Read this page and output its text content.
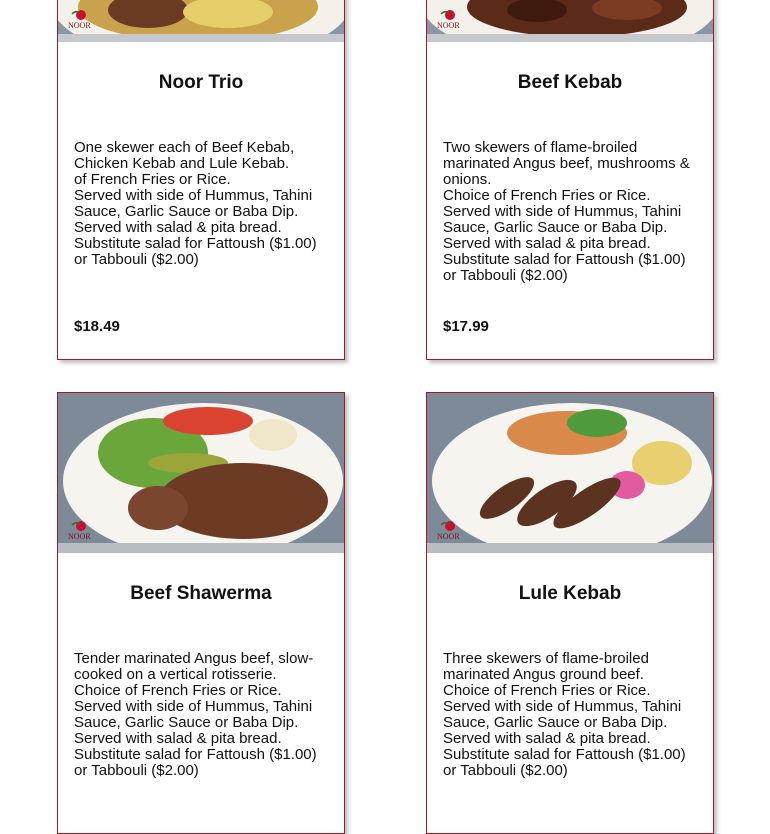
NOOR
Noor Trio
One skewer each of Beef Kebab, Chicken Kebab and Lule Kebab.
of French Fries or Rice.
Served with side of Hummus, Tahini Sauce, Garlic Sauce or Baba Dip.
Served with salad & pita bread.
Substitute salad for Fattoush ($1.00) or Tabbouli ($2.00)
$18.49
NOOR
Beef Kebab
Two skewers of flame-broiled marinated Angus beef, mushrooms & onions.
Choice of French Fries or Rice.
Served with side of Hummus, Tahini Sauce, Garlic Sauce or Baba Dip.
Served with salad & pita bread.
Substitute salad for Fattoush ($1.00) or Tabbouli ($2.00)
$17.99
NOOR
Beef Shawerma
Tender marinated Angus beef, slow-cooked on a vertical rotisserie.
Choice of French Fries or Rice.
Served with side of Hummus, Tahini Sauce, Garlic Sauce or Baba Dip.
Served with salad & pita bread.
Substitute salad for Fattoush ($1.00) or Tabbouli ($2.00)
NOOR
Lule Kebab
Three skewers of flame-broiled marinated Angus ground beef.
Choice of French Fries or Rice.
Served with side of Hummus, Tahini Sauce, Garlic Sauce or Baba Dip.
Served with salad & pita bread.
Substitute salad for Fattoush ($1.00) or Tabbouli ($2.00)
